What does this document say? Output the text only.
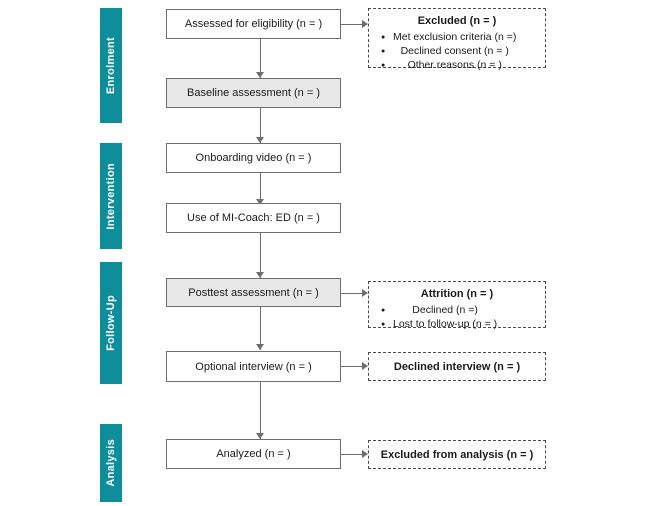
Enrolment
Intervention
Follow-Up
Analysis
Assessed for eligibility (n = )
Baseline assessment (n = )
Onboarding video (n = )
Use of MI-Coach: ED (n = )
Posttest assessment (n = )
Optional interview (n = )
Analyzed (n = )
Excluded (n = )
● Met exclusion criteria (n =)
● Declined consent (n = )
● Other reasons (n = )
Attrition (n = )
● Declined (n =)
● Lost to follow-up (n = )
Declined interview (n = )
Excluded from analysis (n = )
